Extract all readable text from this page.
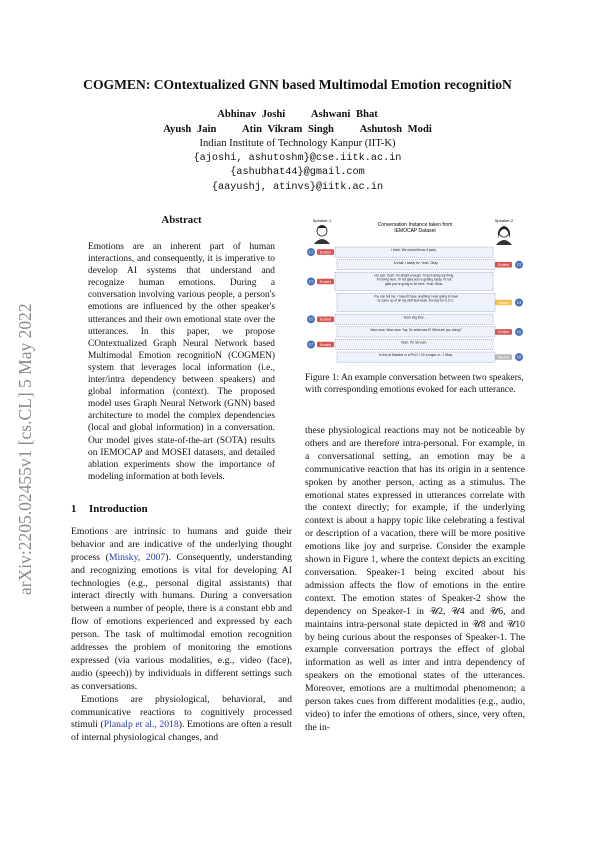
arXiv:2205.02455v1 [cs.CL] 5 May 2022
COGMEN: COntextualized GNN based Multimodal Emotion recognitioN
Abhinav Joshi Ashwani Bhat
Ayush Jain Atin Vikram Singh Ashutosh Modi
Indian Institute of Technology Kanpur (IIT-K)
{ajoshi, ashutoshm}@cse.iitk.ac.in
{ashubhat44}@gmail.com
{aayushj, atinvs}@iitk.ac.in
Abstract

Emotions are an inherent part of human interactions, and consequently, it is imperative to develop AI systems that understand and recognize human emotions. During a conversation involving various people, a person's emotions are influenced by the other speaker's utterances and their own emotional state over the utterances. In this paper, we propose COntextualized Graph Neural Network based Multimodal Emotion recognitioN (COGMEN) system that leverages local information (i.e., inter/intra dependency between speakers) and global information (context). The proposed model uses Graph Neural Network (GNN) based architecture to model the complex dependencies (local and global information) in a conversation. Our model gives state-of-the-art (SOTA) results on IEMOCAP and MOSEI datasets, and detailed ablation experiments show the importance of modeling information at both levels.

1 Introduction

Emotions are intrinsic to humans and guide their behavior and are indicative of the underlying thought process (Minsky, 2007). Consequently, understanding and recognizing emotions is vital for developing AI technologies (e.g., personal digital assistants) that interact directly with humans. During a conversation between a number of people, there is a constant ebb and flow of emotions experienced and expressed by each person. The task of multimodal emotion recognition addresses the problem of monitoring the emotions expressed (via various modalities, e.g., video (face), audio (speech)) by individuals in different settings such as conversations.

Emotions are physiological, behavioral, and communicative reactions to cognitively processed stimuli (Planalp et al., 2018). Emotions are often a result of internal physiological changes, and

Speaker-1	Speaker-2
Conversation Instance taken from
IEMOCAP Dataset
U1 Excited
I think. We should throw a party.
U2
Excited
A what, I totally for. Yeah. Okay.
U3 Excited
I do just. Yeah. I'm alright enough. I'd just doing my thing. I'm living here. I'll not glad you're getting today. I'll not glad you're going to be here. Yeah. Wow.
U4
Happy
You can tell me. I haven't have anything I was going to have to come up of all my stuff last week. Hooray for U.O.C.
U5 Excited
Yeah. Big time.
U6
Excited
Wow wow. Wow wow. Yay. So what was it? What are you doing?
U7 Excited
Yeah. I'm not sure.
U8
Neutral
Is this at Masters or a Ph.D.? Or a major or...? Wow.

Figure 1: An example conversation between two speakers, with corresponding emotions evoked for each utterance.

these physiological reactions may not be noticeable by others and are therefore intra-personal. For example, in a conversational setting, an emotion may be a communicative reaction that has its origin in a sentence spoken by another person, acting as a stimulus. The emotional states expressed in utterances correlate with the context directly; for example, if the underlying context is about a happy topic like celebrating a festival or description of a vacation, there will be more positive emotions like joy and surprise. Consider the example shown in Figure 1, where the context depicts an exciting conversation. Speaker-1 being excited about his admission affects the flow of emotions in the entire context. The emotion states of Speaker-2 show the dependency on Speaker-1 in 𝒰2, 𝒰4 and 𝒰6, and maintains intra-personal state depicted in 𝒰8 and 𝒰10 by being curious about the responses of Speaker-1. The example conversation portrays the effect of global information as well as inter and intra dependency of speakers on the emotional states of the utterances. Moreover, emotions are a multimodal phenomenon; a person takes cues from different modalities (e.g., audio, video) to infer the emotions of others, since, very often, the in-
